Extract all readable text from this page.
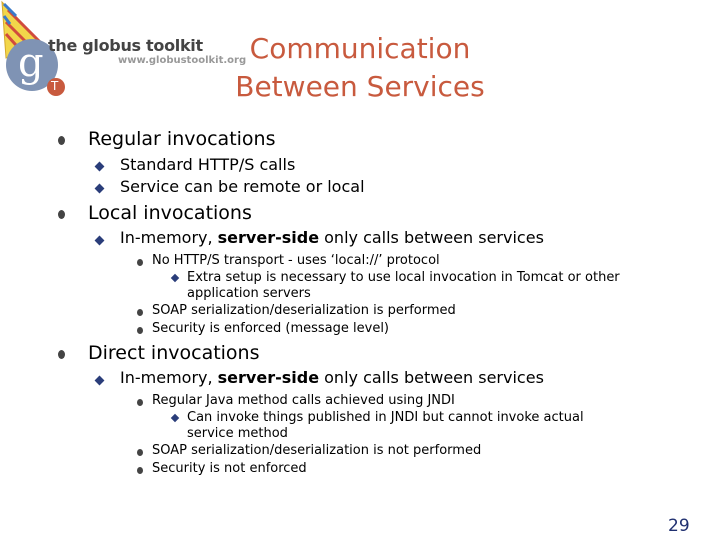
g T
the globus toolkit
www.globustoolkit.org Communication
Between Services
Regular invocations
Standard HTTP/S calls
Service can be remote or local
Local invocations
In-memory, server-side only calls between services
No HTTP/S transport - uses ‘local://’ protocol
Extra setup is necessary to use local invocation in Tomcat or other
application servers
SOAP serialization/deserialization is performed
Security is enforced (message level)
Direct invocations
In-memory, server-side only calls between services
Regular Java method calls achieved using JNDI
Can invoke things published in JNDI but cannot invoke actual
service method
SOAP serialization/deserialization is not performed
Security is not enforced
29
